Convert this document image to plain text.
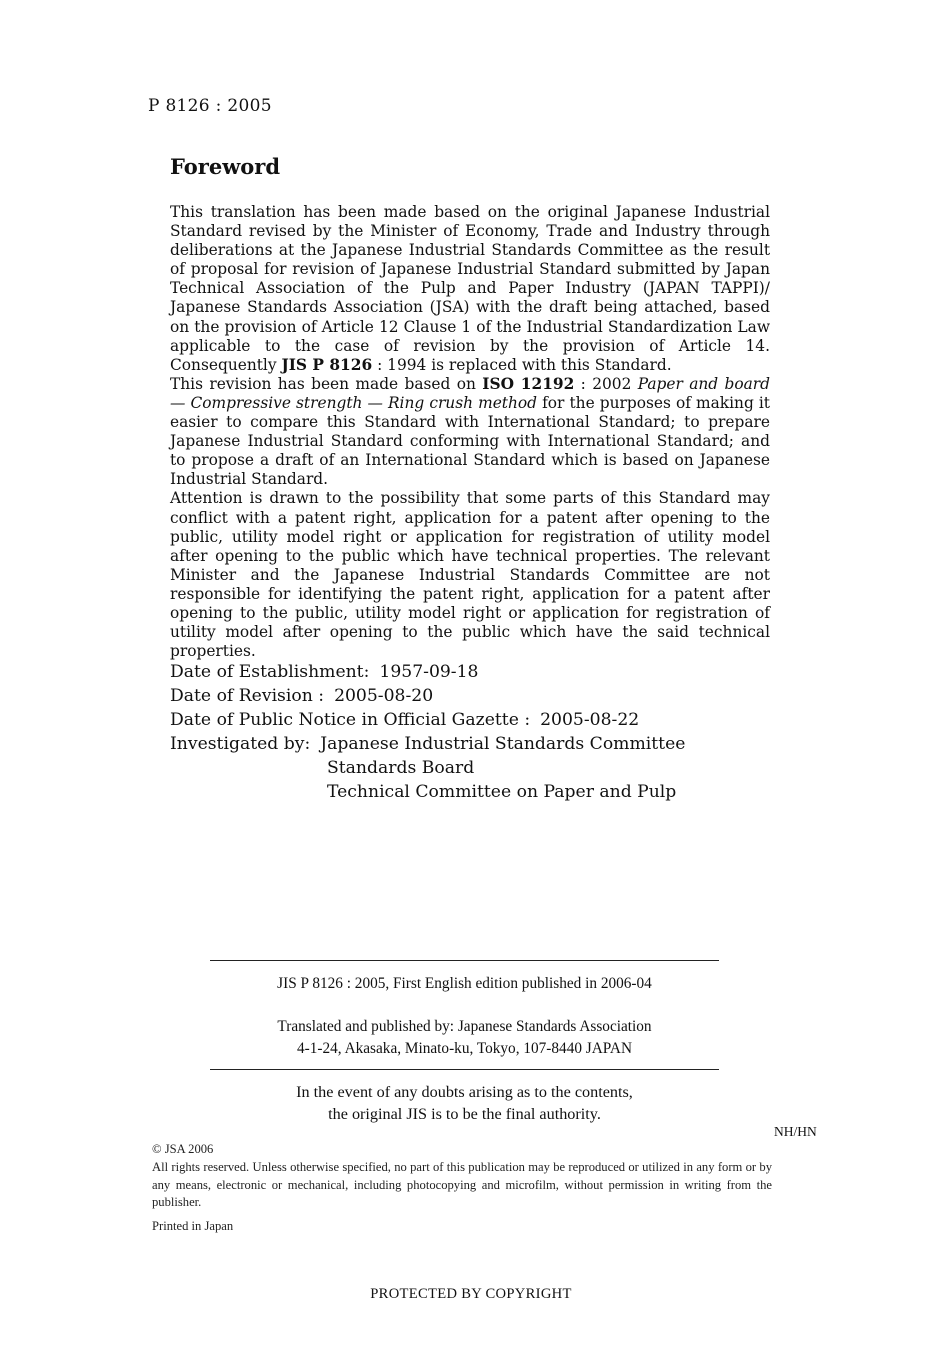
P 8126 : 2005
Foreword

This translation has been made based on the original Japanese Industrial Standard revised by the Minister of Economy, Trade and Industry through deliberations at the Japanese Industrial Standards Committee as the result of proposal for revision of Japanese Industrial Standard submitted by Japan Technical Association of the Pulp and Paper Industry (JAPAN TAPPI)/ Japanese Standards Association (JSA) with the draft being attached, based on the provision of Article 12 Clause 1 of the Industrial Standardization Law applicable to the case of revision by the provision of Article 14. Consequently JIS P 8126 : 1994 is replaced with this Standard.

This revision has been made based on ISO 12192 : 2002 Paper and board — Compressive strength — Ring crush method for the purposes of making it easier to compare this Standard with International Standard; to prepare Japanese Industrial Standard conforming with International Standard; and to propose a draft of an International Standard which is based on Japanese Industrial Standard.

Attention is drawn to the possibility that some parts of this Standard may conflict with a patent right, application for a patent after opening to the public, utility model right or application for registration of utility model after opening to the public which have technical properties. The relevant Minister and the Japanese Industrial Standards Committee are not responsible for identifying the patent right, application for a patent after opening to the public, utility model right or application for registration of utility model after opening to the public which have the said technical properties.

Date of Establishment: 1957-09-18
Date of Revision : 2005-08-20
Date of Public Notice in Official Gazette : 2005-08-22
Investigated by: Japanese Industrial Standards Committee
Standards Board
Technical Committee on Paper and Pulp
JIS P 8126 : 2005, First English edition published in 2006-04
Translated and published by: Japanese Standards Association
4-1-24, Akasaka, Minato-ku, Tokyo, 107-8440 JAPAN
In the event of any doubts arising as to the contents,
the original JIS is to be the final authority.
NH/HN

© JSA 2006

All rights reserved. Unless otherwise specified, no part of this publication may be reproduced or utilized in any form or by any means, electronic or mechanical, including photocopying and microfilm, without permission in writing from the publisher.

Printed in Japan

PROTECTED BY COPYRIGHT
